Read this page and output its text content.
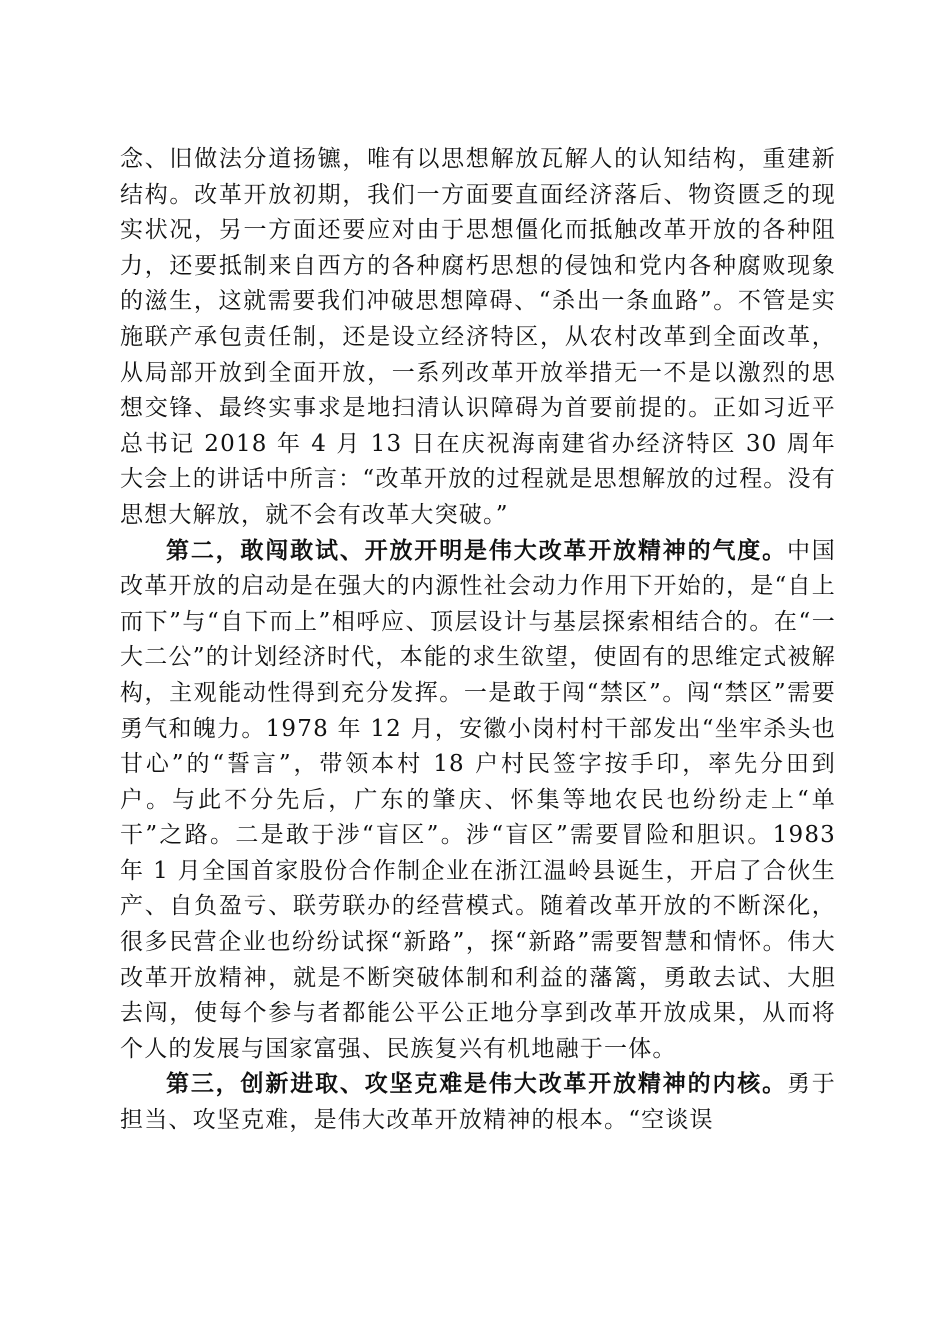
念、旧做法分道扬镳，唯有以思想解放瓦解人的认知结构，重建新结构。改革开放初期，我们一方面要直面经济落后、物资匮乏的现实状况，另一方面还要应对由于思想僵化而抵触改革开放的各种阻力，还要抵制来自西方的各种腐朽思想的侵蚀和党内各种腐败现象的滋生，这就需要我们冲破思想障碍、“杀出一条血路”。不管是实施联产承包责任制，还是设立经济特区，从农村改革到全面改革，从局部开放到全面开放，一系列改革开放举措无一不是以激烈的思想交锋、最终实事求是地扫清认识障碍为首要前提的。正如习近平总书记 2018 年 4 月 13 日在庆祝海南建省办经济特区 30 周年大会上的讲话中所言：“改革开放的过程就是思想解放的过程。没有思想大解放，就不会有改革大突破。”

第二，敢闯敢试、开放开明是伟大改革开放精神的气度。中国改革开放的启动是在强大的内源性社会动力作用下开始的，是“自上而下”与“自下而上”相呼应、顶层设计与基层探索相结合的。在“一大二公”的计划经济时代，本能的求生欲望，使固有的思维定式被解构，主观能动性得到充分发挥。一是敢于闯“禁区”。闯“禁区”需要勇气和魄力。1978 年 12 月，安徽小岗村村干部发出“坐牢杀头也甘心”的“誓言”，带领本村 18 户村民签字按手印，率先分田到户。与此不分先后，广东的肇庆、怀集等地农民也纷纷走上“单干”之路。二是敢于涉“盲区”。涉“盲区”需要冒险和胆识。1983 年 1 月全国首家股份合作制企业在浙江温岭县诞生，开启了合伙生产、自负盈亏、联劳联办的经营模式。随着改革开放的不断深化，很多民营企业也纷纷试探“新路”，探“新路”需要智慧和情怀。伟大改革开放精神，就是不断突破体制和利益的藩篱，勇敢去试、大胆去闯，使每个参与者都能公平公正地分享到改革开放成果，从而将个人的发展与国家富强、民族复兴有机地融于一体。

第三，创新进取、攻坚克难是伟大改革开放精神的内核。勇于担当、攻坚克难，是伟大改革开放精神的根本。“空谈误
